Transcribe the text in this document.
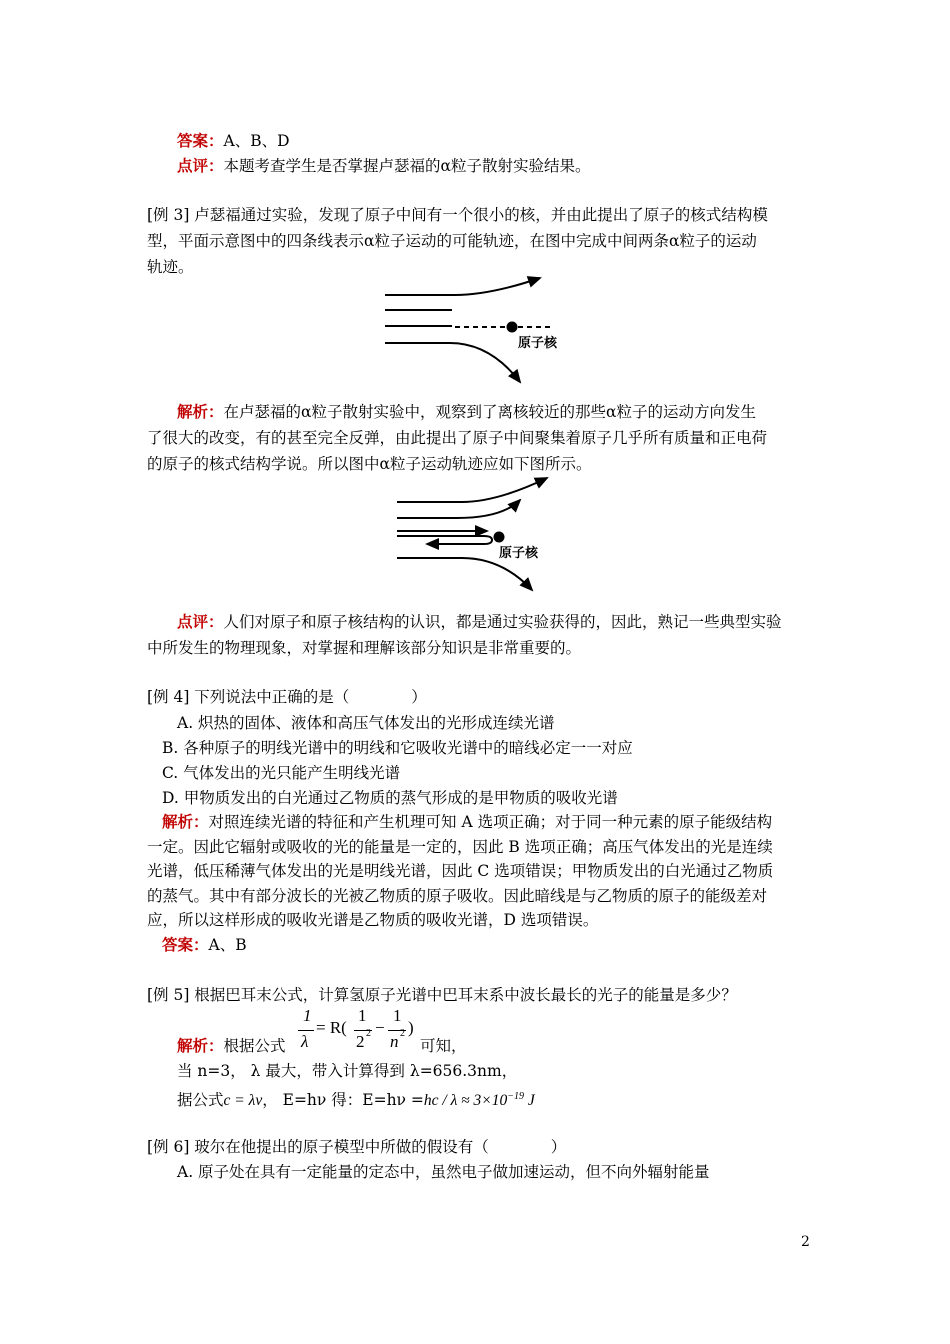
答案：A、B、D
点评：本题考查学生是否掌握卢瑟福的α粒子散射实验结果。
[例 3] 卢瑟福通过实验，发现了原子中间有一个很小的核，并由此提出了原子的核式结构模
型，平面示意图中的四条线表示α粒子运动的可能轨迹，在图中完成中间两条α粒子的运动
轨迹。
原子核
解析：在卢瑟福的α粒子散射实验中，观察到了离核较近的那些α粒子的运动方向发生
了很大的改变，有的甚至完全反弹，由此提出了原子中间聚集着原子几乎所有质量和正电荷
的原子的核式结构学说。所以图中α粒子运动轨迹应如下图所示。
原子核
点评：人们对原子和原子核结构的认识，都是通过实验获得的，因此，熟记一些典型实验
中所发生的物理现象，对掌握和理解该部分知识是非常重要的。
[例 4] 下列说法中正确的是（　　　　）
A. 炽热的固体、液体和高压气体发出的光形成连续光谱
B. 各种原子的明线光谱中的明线和它吸收光谱中的暗线必定一一对应
C. 气体发出的光只能产生明线光谱
D. 甲物质发出的白光通过乙物质的蒸气形成的是甲物质的吸收光谱
解析：对照连续光谱的特征和产生机理可知 A 选项正确；对于同一种元素的原子能级结构
一定。因此它辐射或吸收的光的能量是一定的，因此 B 选项正确；高压气体发出的光是连续
光谱，低压稀薄气体发出的光是明线光谱，因此 C 选项错误；甲物质发出的白光通过乙物质
的蒸气。其中有部分波长的光被乙物质的原子吸收。因此暗线是与乙物质的原子的能级差对
应，所以这样形成的吸收光谱是乙物质的吸收光谱，D 选项错误。
答案：A、B
[例 5] 根据巴耳末公式，计算氢原子光谱中巴耳末系中波长最长的光子的能量是多少？
解析：根据公式
1
λ
= R(
1
2 2 −
1
n 2 )
可知，
当 n=3， λ 最大，带入计算得到 λ=656.3nm，
据公式c = λν， E=hν 得：$E=h\nu =hc / \lambda \approx 3\times 10^{-19}$ J
[例 6] 玻尔在他提出的原子模型中所做的假设有（　　　　）
A. 原子处在具有一定能量的定态中，虽然电子做加速运动，但不向外辐射能量
2
